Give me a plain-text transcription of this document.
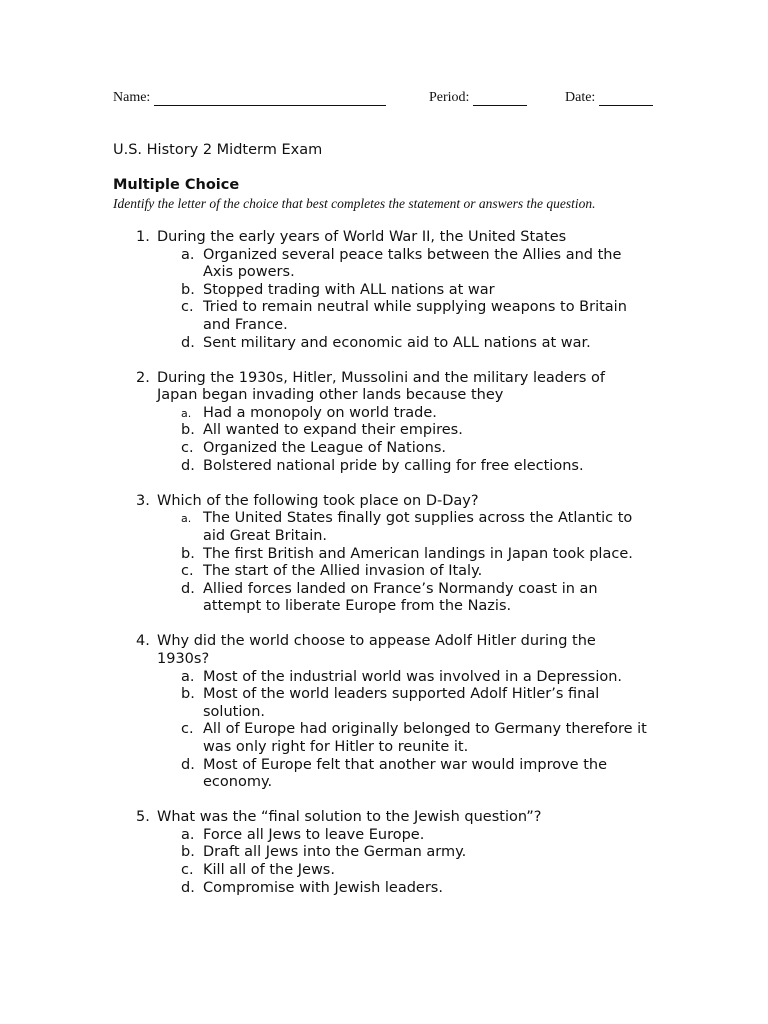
Name:	Period:	Date:
U.S. History 2 Midterm Exam
Multiple Choice
Identify the letter of the choice that best completes the statement or answers the question.
1. During the early years of World War II, the United States
a. Organized several peace talks between the Allies and the Axis powers.
b. Stopped trading with ALL nations at war
c. Tried to remain neutral while supplying weapons to Britain and France.
d. Sent military and economic aid to ALL nations at war.
2. During the 1930s, Hitler, Mussolini and the military leaders of Japan began invading other lands because they
a. Had a monopoly on world trade.
b. All wanted to expand their empires.
c. Organized the League of Nations.
d. Bolstered national pride by calling for free elections.
3. Which of the following took place on D-Day?
a. The United States finally got supplies across the Atlantic to aid Great Britain.
b. The first British and American landings in Japan took place.
c. The start of the Allied invasion of Italy.
d. Allied forces landed on France’s Normandy coast in an attempt to liberate Europe from the Nazis.
4. Why did the world choose to appease Adolf Hitler during the 1930s?
a. Most of the industrial world was involved in a Depression.
b. Most of the world leaders supported Adolf Hitler’s final solution.
c. All of Europe had originally belonged to Germany therefore it was only right for Hitler to reunite it.
d. Most of Europe felt that another war would improve the economy.
5. What was the “final solution to the Jewish question”?
a. Force all Jews to leave Europe.
b. Draft all Jews into the German army.
c. Kill all of the Jews.
d. Compromise with Jewish leaders.
